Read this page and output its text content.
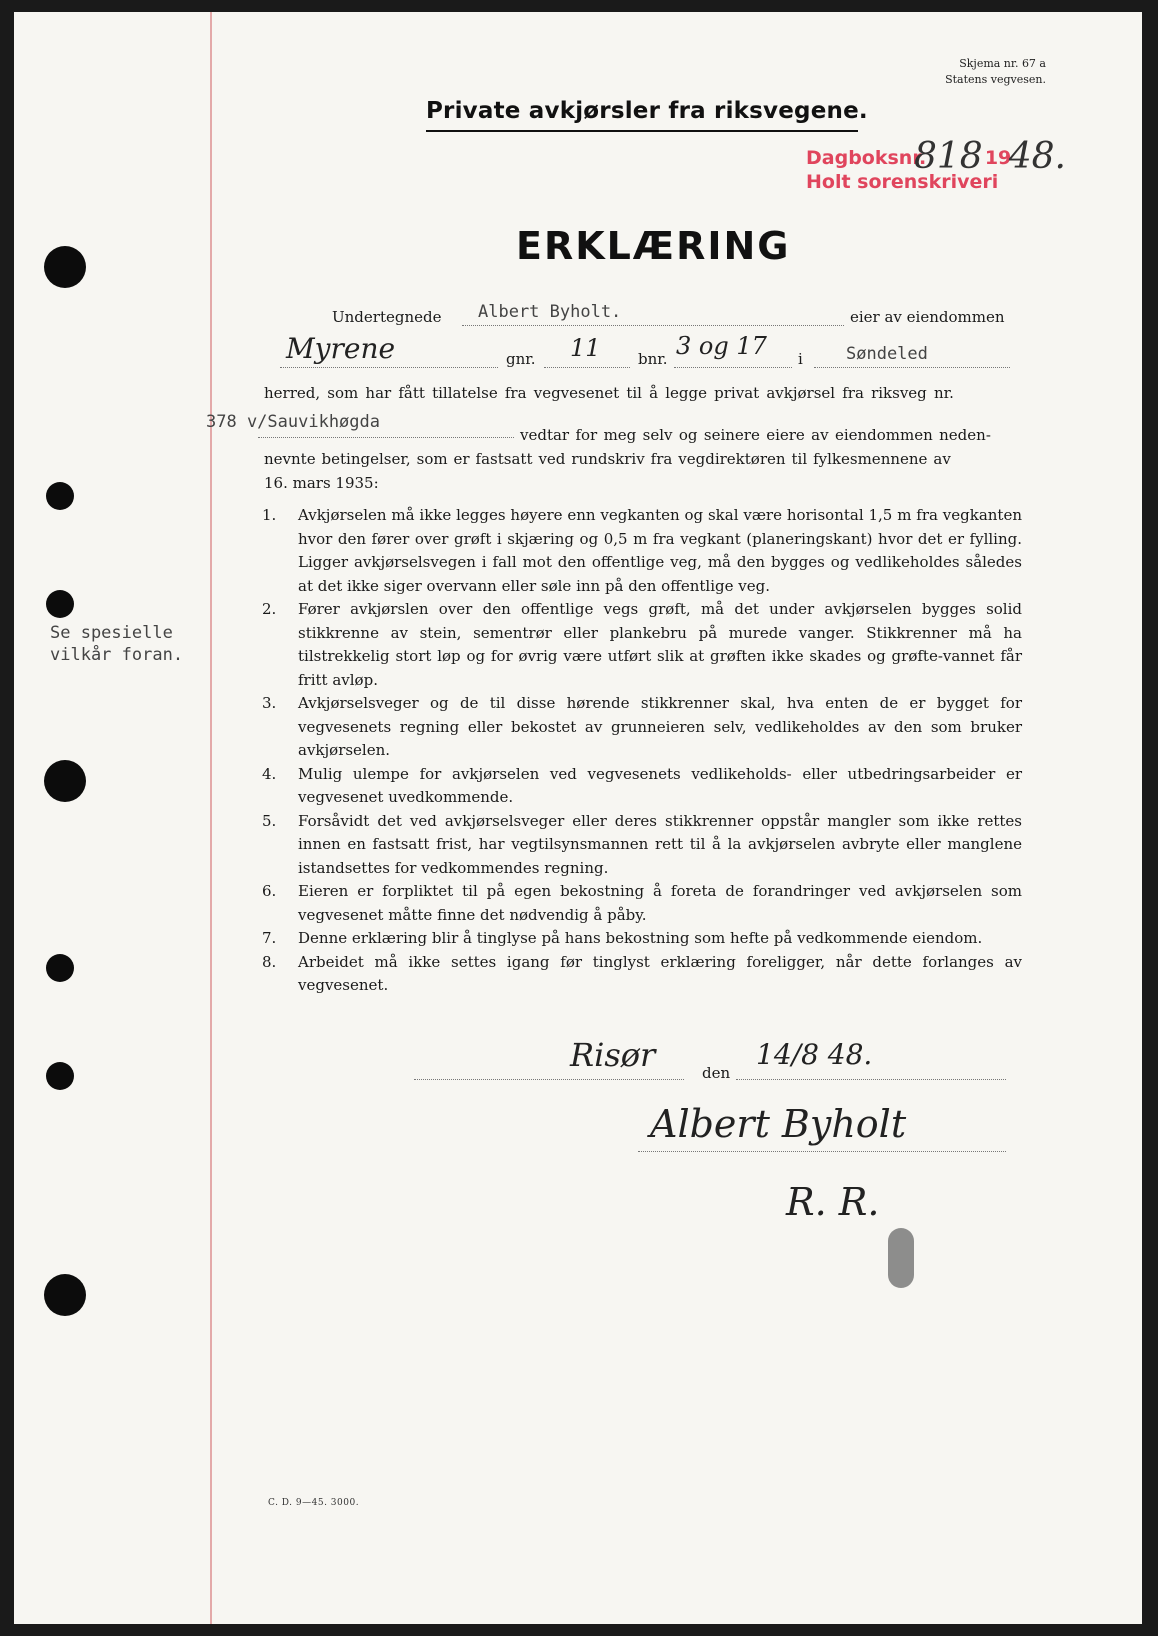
Skjema nr. 67 a
Statens vegvesen.
Private avkjørsler fra riksvegene.
Dagboksnr.	19
Holt sorenskriveri
818 48.
ERKLÆRING
Undertegnede Albert Byholt.	eier av eiendommen
Myrene	gnr. 11 bnr. 3 og 17 i	Søndeled
herred, som har fått tillatelse fra vegvesenet til å legge privat avkjørsel fra riksveg nr.
378 v/Sauvikhøgda
vedtar for meg selv og seinere eiere av eiendommen neden-
nevnte betingelser, som er fastsatt ved rundskriv fra vegdirektøren til fylkesmennene av
16. mars 1935:
Se spesielle
vilkår foran.
1.	Avkjørselen må ikke legges høyere enn vegkanten og skal være horisontal 1,5 m fra vegkanten hvor den fører over grøft i skjæring og 0,5 m fra vegkant (planeringskant) hvor det er fylling. Ligger avkjørselsvegen i fall mot den offentlige veg, må den bygges og vedlikeholdes således at det ikke siger overvann eller søle inn på den offentlige veg.
2.	Fører avkjørslen over den offentlige vegs grøft, må det under avkjørselen bygges solid stikkrenne av stein, sementrør eller plankebru på murede vanger. Stikkrenner må ha tilstrekkelig stort løp og for øvrig være utført slik at grøften ikke skades og grøfte-vannet får fritt avløp.
3.	Avkjørselsveger og de til disse hørende stikkrenner skal, hva enten de er bygget for vegvesenets regning eller bekostet av grunneieren selv, vedlikeholdes av den som bruker avkjørselen.
4.	Mulig ulempe for avkjørselen ved vegvesenets vedlikeholds- eller utbedringsarbeider er vegvesenet uvedkommende.
5.	Forsåvidt det ved avkjørselsveger eller deres stikkrenner oppstår mangler som ikke rettes innen en fastsatt frist, har vegtilsynsmannen rett til å la avkjørselen avbryte eller manglene istandsettes for vedkommendes regning.
6.	Eieren er forpliktet til på egen bekostning å foreta de forandringer ved avkjørselen som vegvesenet måtte finne det nødvendig å påby.
7.	Denne erklæring blir å tinglyse på hans bekostning som hefte på vedkommende eiendom.
8.	Arbeidet må ikke settes igang før tinglyst erklæring foreligger, når dette forlanges av vegvesenet.
Risør	den
14/8 48.
Albert Byholt
R. R.
C. D. 9—45. 3000.
